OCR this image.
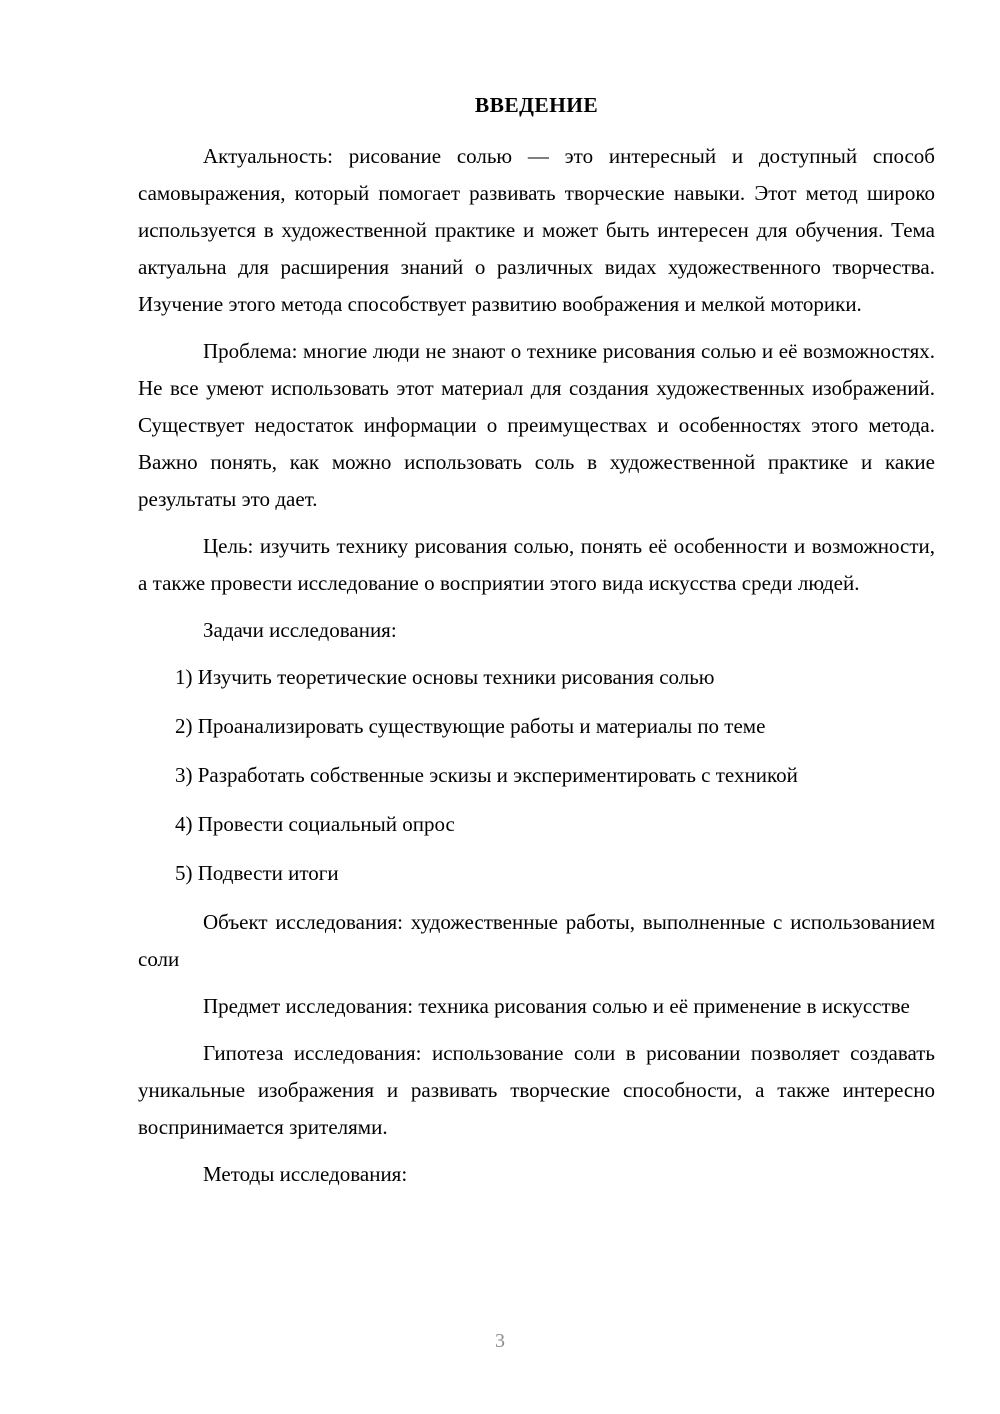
ВВЕДЕНИЕ

Актуальность: рисование солью — это интересный и доступный способ самовыражения, который помогает развивать творческие навыки. Этот метод широко используется в художественной практике и может быть интересен для обучения. Тема актуальна для расширения знаний о различных видах художественного творчества. Изучение этого метода способствует развитию воображения и мелкой моторики.

Проблема: многие люди не знают о технике рисования солью и её возможностях. Не все умеют использовать этот материал для создания художественных изображений. Существует недостаток информации о преимуществах и особенностях этого метода. Важно понять, как можно использовать соль в художественной практике и какие результаты это дает.

Цель: изучить технику рисования солью, понять её особенности и возможности, а также провести исследование о восприятии этого вида искусства среди людей.

Задачи исследования:

1) Изучить теоретические основы техники рисования солью

2) Проанализировать существующие работы и материалы по теме

3) Разработать собственные эскизы и экспериментировать с техникой

4) Провести социальный опрос

5) Подвести итоги

Объект исследования: художественные работы, выполненные с использованием соли

Предмет исследования: техника рисования солью и её применение в искусстве

Гипотеза исследования: использование соли в рисовании позволяет создавать уникальные изображения и развивать творческие способности, а также интересно воспринимается зрителями.

Методы исследования:

3
